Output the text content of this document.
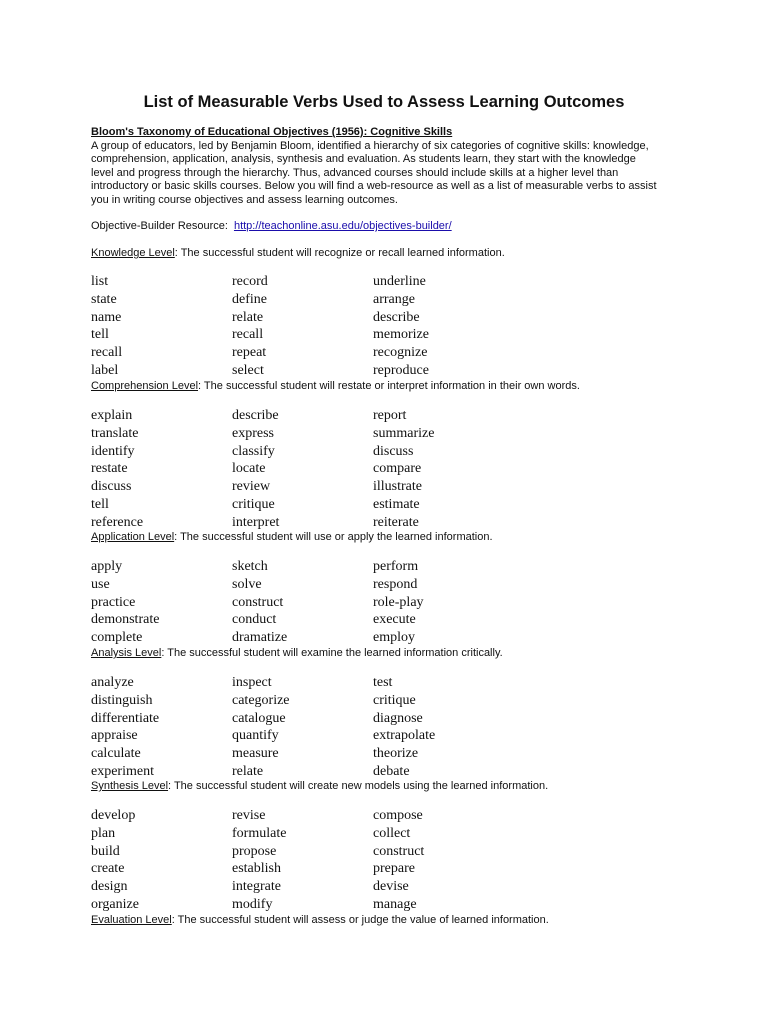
List of Measurable Verbs Used to Assess Learning Outcomes
Bloom's Taxonomy of Educational Objectives (1956): Cognitive Skills
A group of educators, led by Benjamin Bloom, identified a hierarchy of six categories of cognitive skills: knowledge,
comprehension, application, analysis, synthesis and evaluation. As students learn, they start with the knowledge
level and progress through the hierarchy. Thus, advanced courses should include skills at a higher level than
introductory or basic skills courses. Below you will find a web-resource as well as a list of measurable verbs to assist
you in writing course objectives and assess learning outcomes.
Objective-Builder Resource: http://teachonline.asu.edu/objectives-builder/
Knowledge Level: The successful student will recognize or recall learned information.
list	record	underline
state	define	arrange
name	relate	describe
tell	recall	memorize
recall	repeat	recognize
label	select	reproduce
Comprehension Level: The successful student will restate or interpret information in their own words.
explain	describe	report
translate	express	summarize
identify	classify	discuss
restate	locate	compare
discuss	review	illustrate
tell	critique	estimate
reference	interpret	reiterate
Application Level: The successful student will use or apply the learned information.
apply	sketch	perform
use	solve	respond
practice	construct	role-play
demonstrate	conduct	execute
complete	dramatize	employ
Analysis Level: The successful student will examine the learned information critically.
analyze	inspect	test
distinguish	categorize	critique
differentiate	catalogue	diagnose
appraise	quantify	extrapolate
calculate	measure	theorize
experiment	relate	debate
Synthesis Level: The successful student will create new models using the learned information.
develop	revise	compose
plan	formulate	collect
build	propose	construct
create	establish	prepare
design	integrate	devise
organize	modify	manage
Evaluation Level: The successful student will assess or judge the value of learned information.
